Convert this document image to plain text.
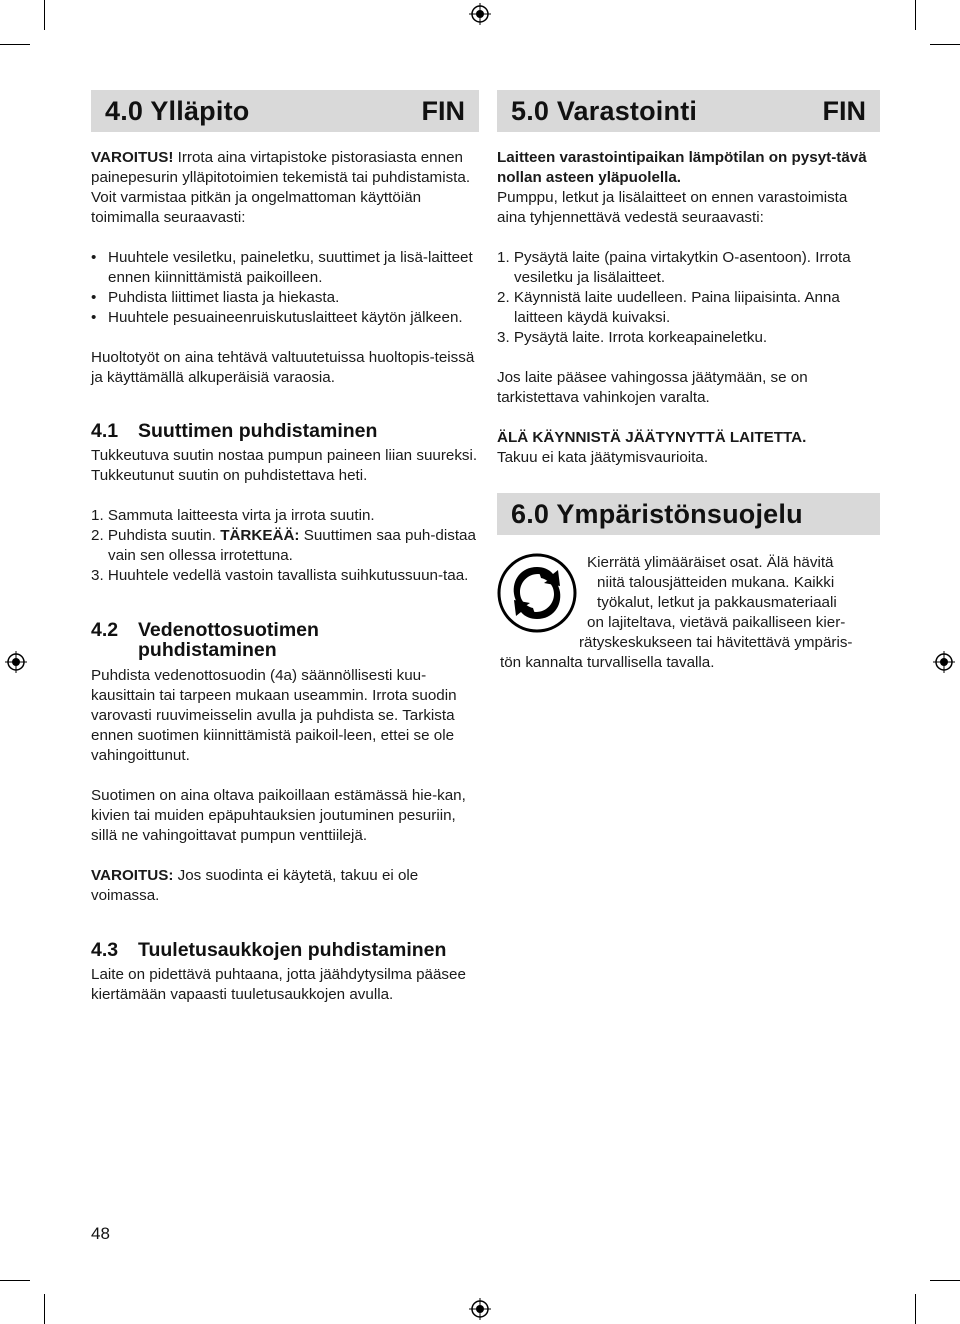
4.0 Ylläpito	FIN

VAROITUS! Irrota aina virtapistoke pistorasiasta ennen painepesurin ylläpitotoimien tekemistä tai puhdistamista.

Voit varmistaa pitkän ja ongelmattoman käyttöiän toimimalla seuraavasti:

• Huuhtele vesiletku, paineletku, suuttimet ja lisä-laitteet ennen kiinnittämistä paikoilleen.
• Puhdista liittimet liasta ja hiekasta.
• Huuhtele pesuaineenruiskutuslaitteet käytön jälkeen.

Huoltotyöt on aina tehtävä valtuutetuissa huoltopis-teissä ja käyttämällä alkuperäisiä varaosia.

4.1	Suuttimen puhdistaminen

Tukkeutuva suutin nostaa pumpun paineen liian suureksi. Tukkeutunut suutin on puhdistettava heti.

1. Sammuta laitteesta virta ja irrota suutin.
2. Puhdista suutin. TÄRKEÄÄ: Suuttimen saa puh-distaa vain sen ollessa irrotettuna.
3. Huuhtele vedellä vastoin tavallista suihkutussuun-taa.
4.2	Vedenottosuotimen puhdistaminen

Puhdista vedenottosuodin (4a) säännöllisesti kuu-kausittain tai tarpeen mukaan useammin. Irrota suodin varovasti ruuvimeisselin avulla ja puhdista se. Tarkista ennen suotimen kiinnittämistä paikoil-leen, ettei se ole vahingoittunut.

Suotimen on aina oltava paikoillaan estämässä hie-kan, kivien tai muiden epäpuhtauksien joutuminen pesuriin, sillä ne vahingoittavat pumpun venttiilejä.

VAROITUS: Jos suodinta ei käytetä, takuu ei ole voimassa.

4.3	Tuuletusaukkojen puhdistaminen

Laite on pidettävä puhtaana, jotta jäähdytysilma pääsee kiertämään vapaasti tuuletusaukkojen avulla.

5.0 Varastointi	FIN

Laitteen varastointipaikan lämpötilan on pysyt-tävä nollan asteen yläpuolella.

Pumppu, letkut ja lisälaitteet on ennen varastoimista aina tyhjennettävä vedestä seuraavasti:

1. Pysäytä laite (paina virtakytkin O-asentoon). Irrota vesiletku ja lisälaitteet.
2. Käynnistä laite uudelleen. Paina liipaisinta. Anna laitteen käydä kuivaksi.
3. Pysäytä laite. Irrota korkeapaineletku.

Jos laite pääsee vahingossa jäätymään, se on tarkistettava vahinkojen varalta.

ÄLÄ KÄYNNISTÄ JÄÄTYNYTTÄ LAITETTA.

Takuu ei kata jäätymisvaurioita.

6.0 Ympäristönsuojelu
Kierrätä ylimääräiset osat. Älä hävitä
niitä talousjätteiden mukana. Kaikki
työkalut, letkut ja pakkausmateriaali
on lajiteltava, vietävä paikalliseen kier-
rätyskeskukseen tai hävitettävä ympäris-
tön kannalta turvallisella tavalla.
48
